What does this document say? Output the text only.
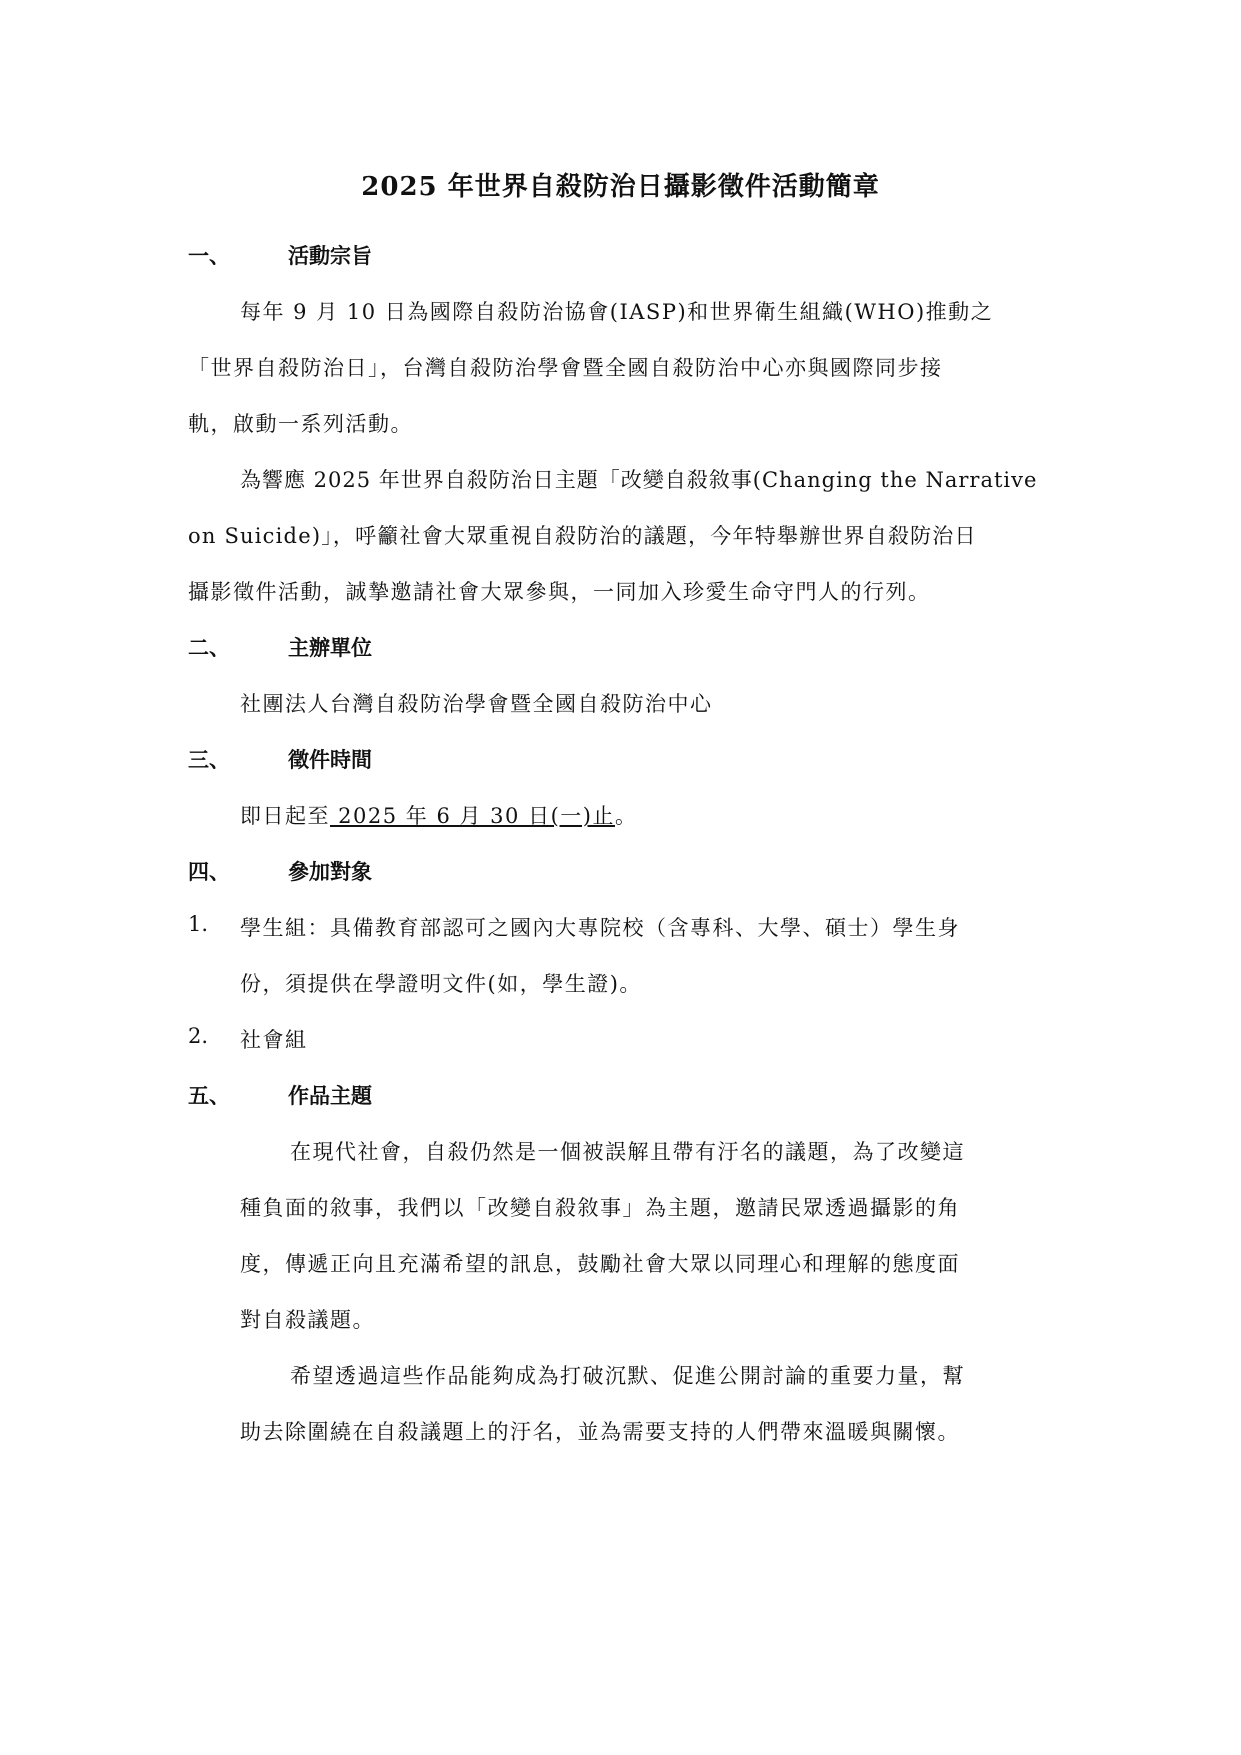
2025 年世界自殺防治日攝影徵件活動簡章
一、	活動宗旨
每年 9 月 10 日為國際自殺防治協會(IASP)和世界衛生組織(WHO)推動之
「世界自殺防治日」，台灣自殺防治學會暨全國自殺防治中心亦與國際同步接
軌，啟動一系列活動。
為響應 2025 年世界自殺防治日主題「改變自殺敘事(Changing the Narrative
on Suicide)」，呼籲社會大眾重視自殺防治的議題，今年特舉辦世界自殺防治日
攝影徵件活動，誠摯邀請社會大眾參與，一同加入珍愛生命守門人的行列。
二、	主辦單位
社團法人台灣自殺防治學會暨全國自殺防治中心
三、	徵件時間
即日起至 2025 年 6 月 30 日(一)止。
四、	參加對象
1. 學生組：具備教育部認可之國內大專院校（含專科、大學、碩士）學生身
份，須提供在學證明文件(如，學生證)。
2. 社會組
五、	作品主題
在現代社會，自殺仍然是一個被誤解且帶有汙名的議題，為了改變這
種負面的敘事，我們以「改變自殺敘事」為主題，邀請民眾透過攝影的角
度，傳遞正向且充滿希望的訊息，鼓勵社會大眾以同理心和理解的態度面
對自殺議題。
希望透過這些作品能夠成為打破沉默、促進公開討論的重要力量，幫
助去除圍繞在自殺議題上的汙名，並為需要支持的人們帶來溫暖與關懷。
